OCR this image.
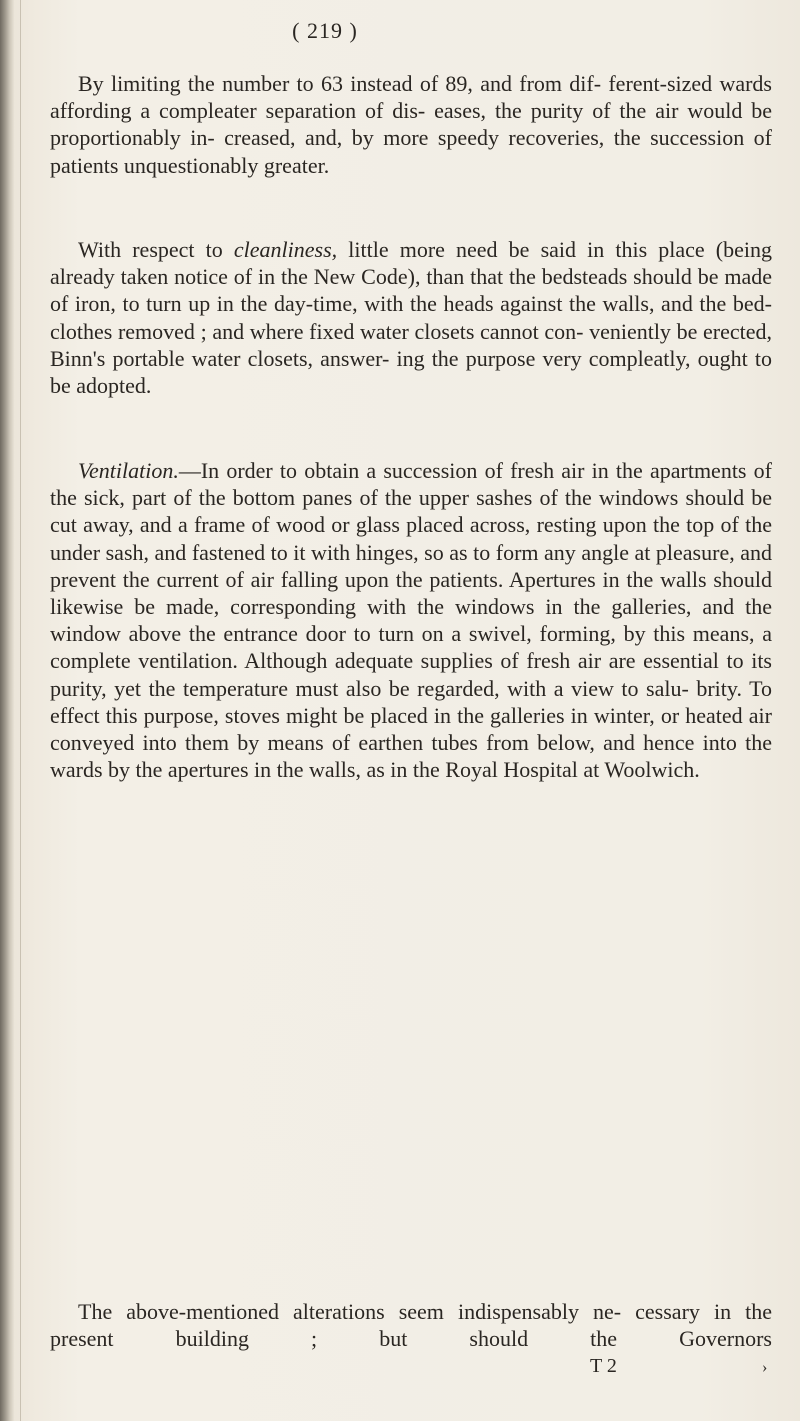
( 219 )
By limiting the number to 63 instead of 89, and from dif- ferent-sized wards affording a compleater separation of dis- eases, the purity of the air would be proportionably in- creased, and, by more speedy recoveries, the succession of patients unquestionably greater.
With respect to cleanliness, little more need be said in this place (being already taken notice of in the New Code), than that the bedsteads should be made of iron, to turn up in the day-time, with the heads against the walls, and the bed- clothes removed ; and where fixed water closets cannot con- veniently be erected, Binn's portable water closets, answer- ing the purpose very compleatly, ought to be adopted.
Ventilation.—In order to obtain a succession of fresh air in the apartments of the sick, part of the bottom panes of the upper sashes of the windows should be cut away, and a frame of wood or glass placed across, resting upon the top of the under sash, and fastened to it with hinges, so as to form any angle at pleasure, and prevent the current of air falling upon the patients. Apertures in the walls should likewise be made, corresponding with the windows in the galleries, and the window above the entrance door to turn on a swivel, forming, by this means, a complete ventilation. Although adequate supplies of fresh air are essential to its purity, yet the temperature must also be regarded, with a view to salu- brity. To effect this purpose, stoves might be placed in the galleries in winter, or heated air conveyed into them by means of earthen tubes from below, and hence into the wards by the apertures in the walls, as in the Royal Hospital at Woolwich.
The above-mentioned alterations seem indispensably ne- cessary in the present building ; but should the Governors
T 2	›
